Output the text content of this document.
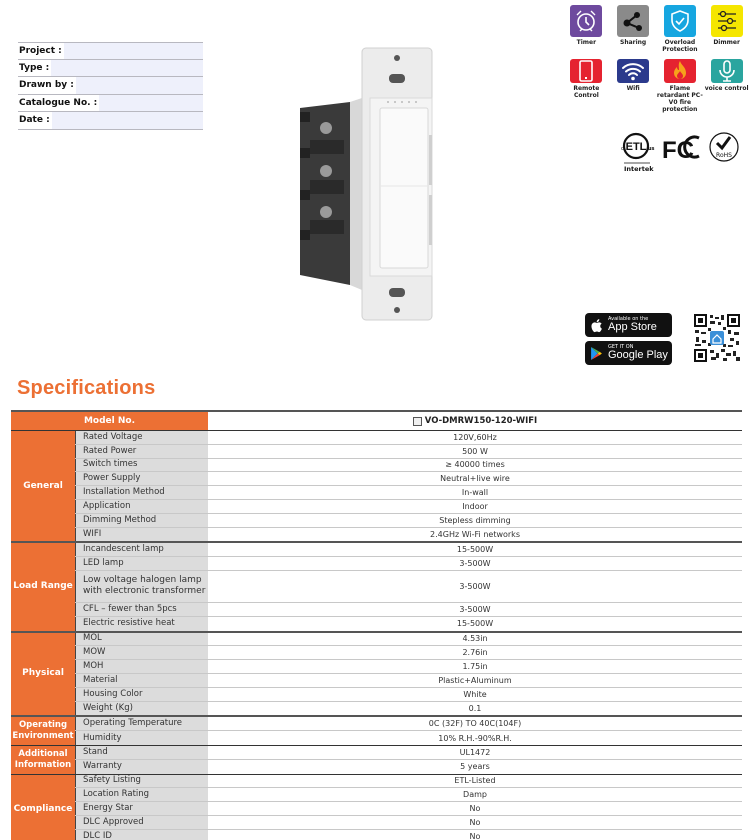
Project :
Type :
Drawn by :
Catalogue No. :
Date :
Timer	Sharing	Overload Protection
Dimmer
Remote Control
Wifi	Flame retardant PC-V0 fire protection
voice control
ETL
c	us
Intertek
FC	RoHS
Available on the
App Store
GET IT ON
Google Play
Specifications
Model No.	VO-DMRW150-120-WIFI
General
Rated Voltage	120V,60Hz
Rated Power	500 W
Switch times	≥ 40000 times
Power Supply	Neutral+live wire
Installation Method	In-wall
Application	Indoor
Dimming Method	Stepless dimming
WIFI	2.4GHz Wi-Fi networks
Load Range
Incandescent lamp	15-500W
LED lamp	3-500W
Low voltage halogen lamp with electronic transformer	3-500W
CFL – fewer than 5pcs	3-500W
Electric resistive heat	15-500W
Physical
MOL	4.53in
MOW	2.76in
MOH	1.75in
Material	Plastic+Aluminum
Housing Color	White
Weight (Kg)	0.1
Operating Environment
Operating Temperature	0C (32F) TO 40C(104F)
Humidity	10% R.H.-90%R.H.
Additional Information
Stand	UL1472
Warranty	5 years
Compliance
Safety Listing	ETL-Listed
Location Rating	Damp
Energy Star	No
DLC Approved	No
DLC ID	No
